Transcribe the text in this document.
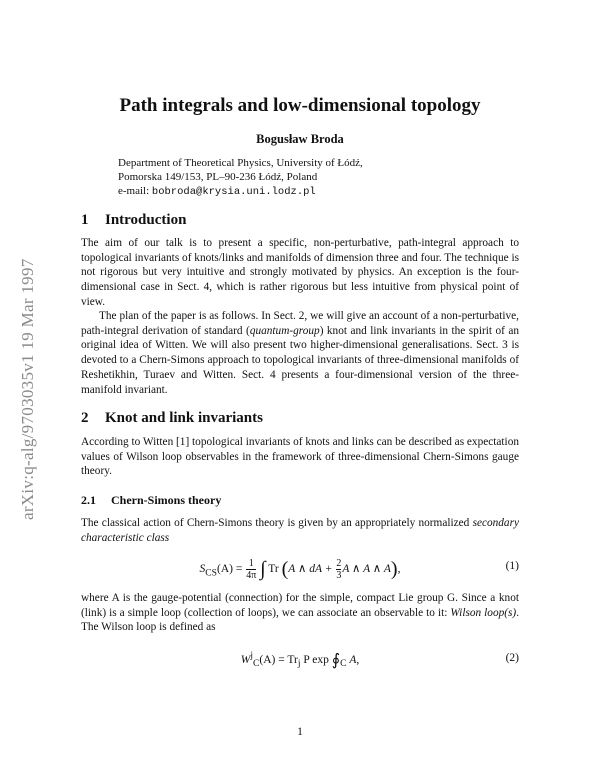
arXiv:q-alg/9703035v1 19 Mar 1997
Path integrals and low-dimensional topology
Bogusław Broda
Department of Theoretical Physics, University of Łódź,
Pomorska 149/153, PL–90-236 Łódź, Poland
e-mail: bobroda@krysia.uni.lodz.pl
1 Introduction
The aim of our talk is to present a specific, non-perturbative, path-integral approach to topological invariants of knots/links and manifolds of dimension three and four. The technique is not rigorous but very intuitive and strongly motivated by physics. An exception is the four-dimensional case in Sect. 4, which is rather rigorous but less intuitive from physical point of view.
The plan of the paper is as follows. In Sect. 2, we will give an account of a non-perturbative, path-integral derivation of standard (quantum-group) knot and link invariants in the spirit of an original idea of Witten. We will also present two higher-dimensional generalisations. Sect. 3 is devoted to a Chern-Simons approach to topological invariants of three-dimensional manifolds of Reshetikhin, Turaev and Witten. Sect. 4 presents a four-dimensional version of the three-manifold invariant.
2 Knot and link invariants
According to Witten [1] topological invariants of knots and links can be described as expectation values of Wilson loop observables in the framework of three-dimensional Chern-Simons gauge theory.
2.1 Chern-Simons theory
The classical action of Chern-Simons theory is given by an appropriately normalized secondary characteristic class
$S_{CS}(A) = \frac{1}{4\pi}$ ∫ Tr (A ∧ dA + $\frac{2}{3}$ A ∧ A ∧ A),	(1)
where A is the gauge-potential (connection) for the simple, compact Lie group G. Since a knot (link) is a simple loop (collection of loops), we can associate an observable to it: Wilson loop(s). The Wilson loop is defined as
$W^j_C(A) = Tr_j$ P $\exp ∮_C$ A,	(2)
1
